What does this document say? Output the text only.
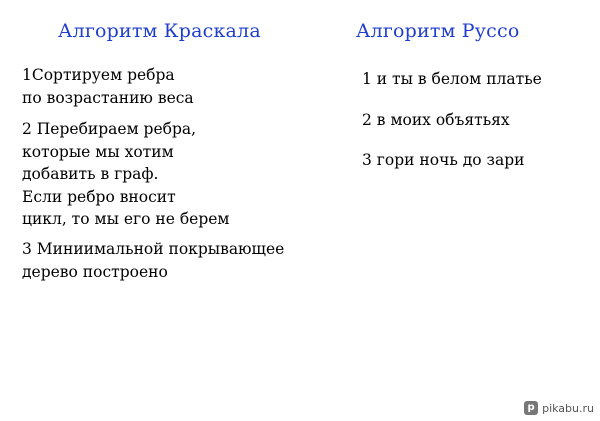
Алгоритм Краскала	Алгоритм Руссо
1Сортируем ребра
по возрастанию веса
2 Перебираем ребра,
которые мы хотим
добавить в граф.
Если ребро вносит
цикл, то мы его не берем
3 Миниимальной покрывающее
дерево построено
1 и ты в белом платье
2 в моих объятьях
3 гори ночь до зари
p pikabu.ru
